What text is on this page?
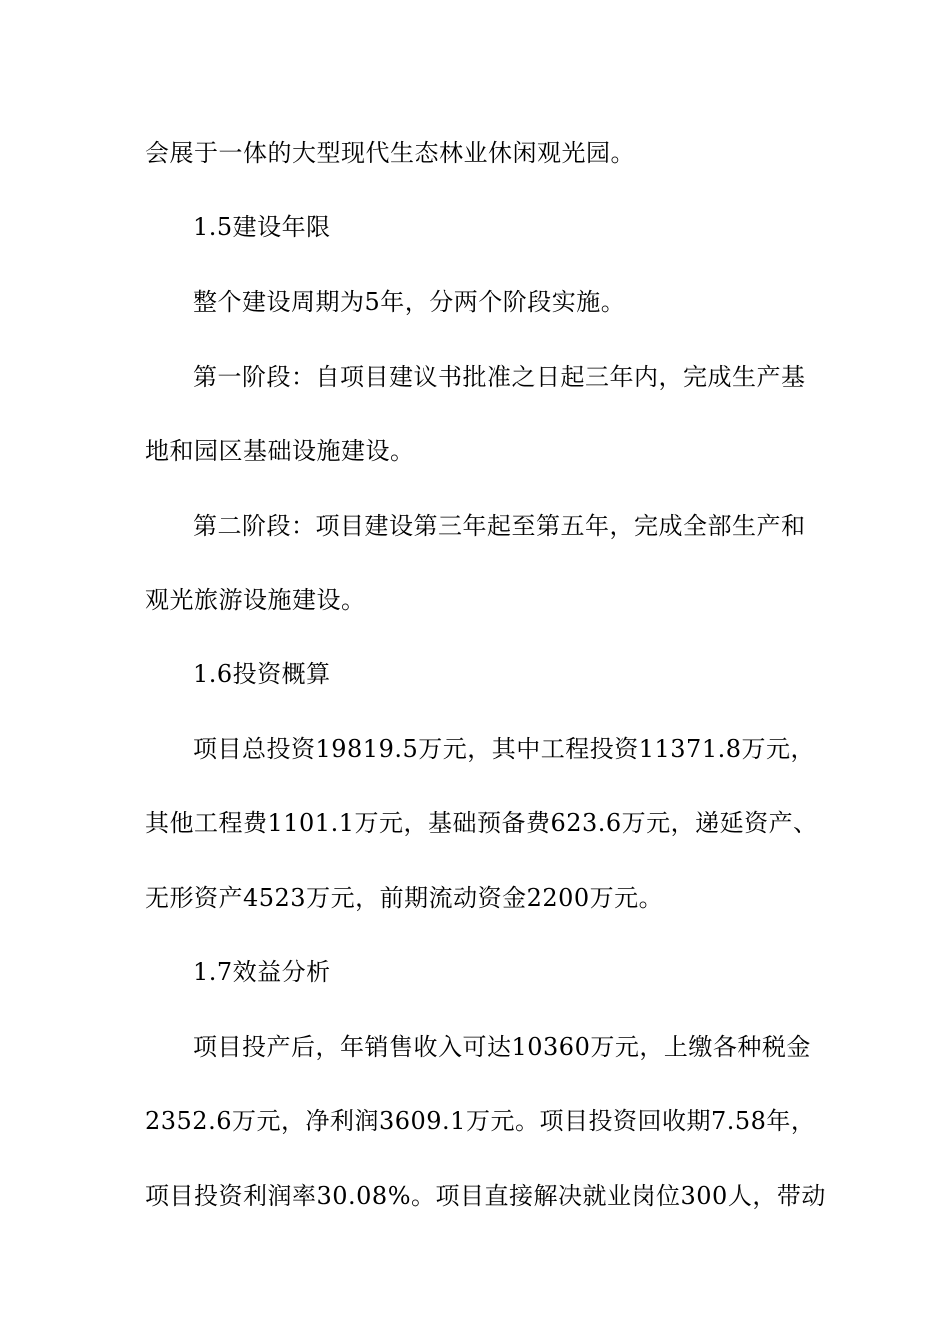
会展于一体的大型现代生态林业休闲观光园。
1.5建设年限
整个建设周期为5年，分两个阶段实施。
第一阶段：自项目建议书批准之日起三年内，完成生产基
地和园区基础设施建设。
第二阶段：项目建设第三年起至第五年，完成全部生产和
观光旅游设施建设。
1.6投资概算
项目总投资19819.5万元，其中工程投资11371.8万元，
其他工程费1101.1万元，基础预备费623.6万元，递延资产、
无形资产4523万元，前期流动资金2200万元。
1.7效益分析
项目投产后，年销售收入可达10360万元，上缴各种税金
2352.6万元，净利润3609.1万元。项目投资回收期7.58年，
项目投资利润率30.08%。项目直接解决就业岗位300人，带动
